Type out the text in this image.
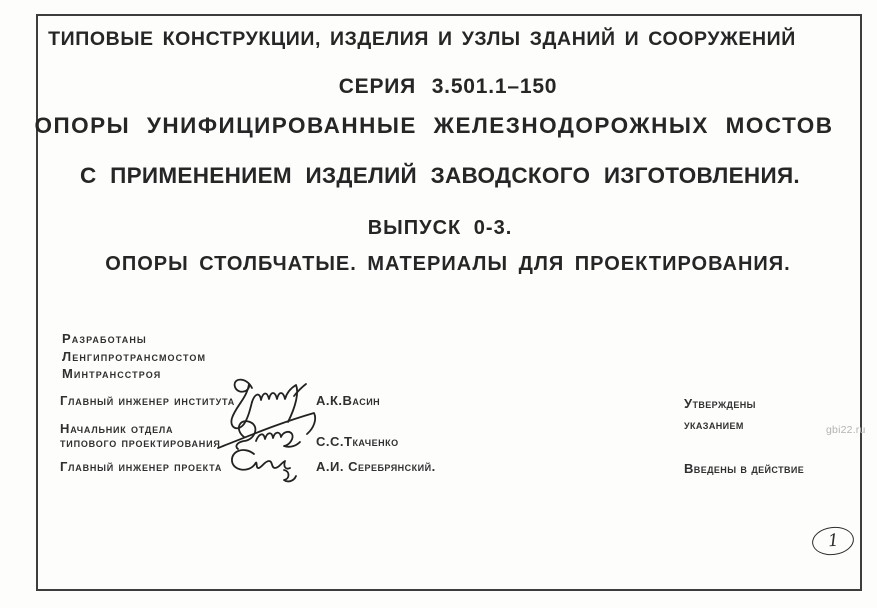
ТИПОВЫЕ КОНСТРУКЦИИ, ИЗДЕЛИЯ И УЗЛЫ ЗДАНИЙ И СООРУЖЕНИЙ
СЕРИЯ 3.501.1–150
ОПОРЫ УНИФИЦИРОВАННЫЕ ЖЕЛЕЗНОДОРОЖНЫХ МОСТОВ
С ПРИМЕНЕНИЕМ ИЗДЕЛИЙ ЗАВОДСКОГО ИЗГОТОВЛЕНИЯ.
ВЫПУСК 0-3.
ОПОРЫ СТОЛБЧАТЫЕ. МАТЕРИАЛЫ ДЛЯ ПРОЕКТИРОВАНИЯ.
Разработаны
Ленгипротрансмостом
Минтрансстроя
Главный инженер института
Начальник отдела
типового проектирования
Главный инженер проекта
А.К.Васин
С.С.Ткаченко
А.И. Серебрянский.
Утверждены
указанием
Введены в действие
gbi22.ru
1
